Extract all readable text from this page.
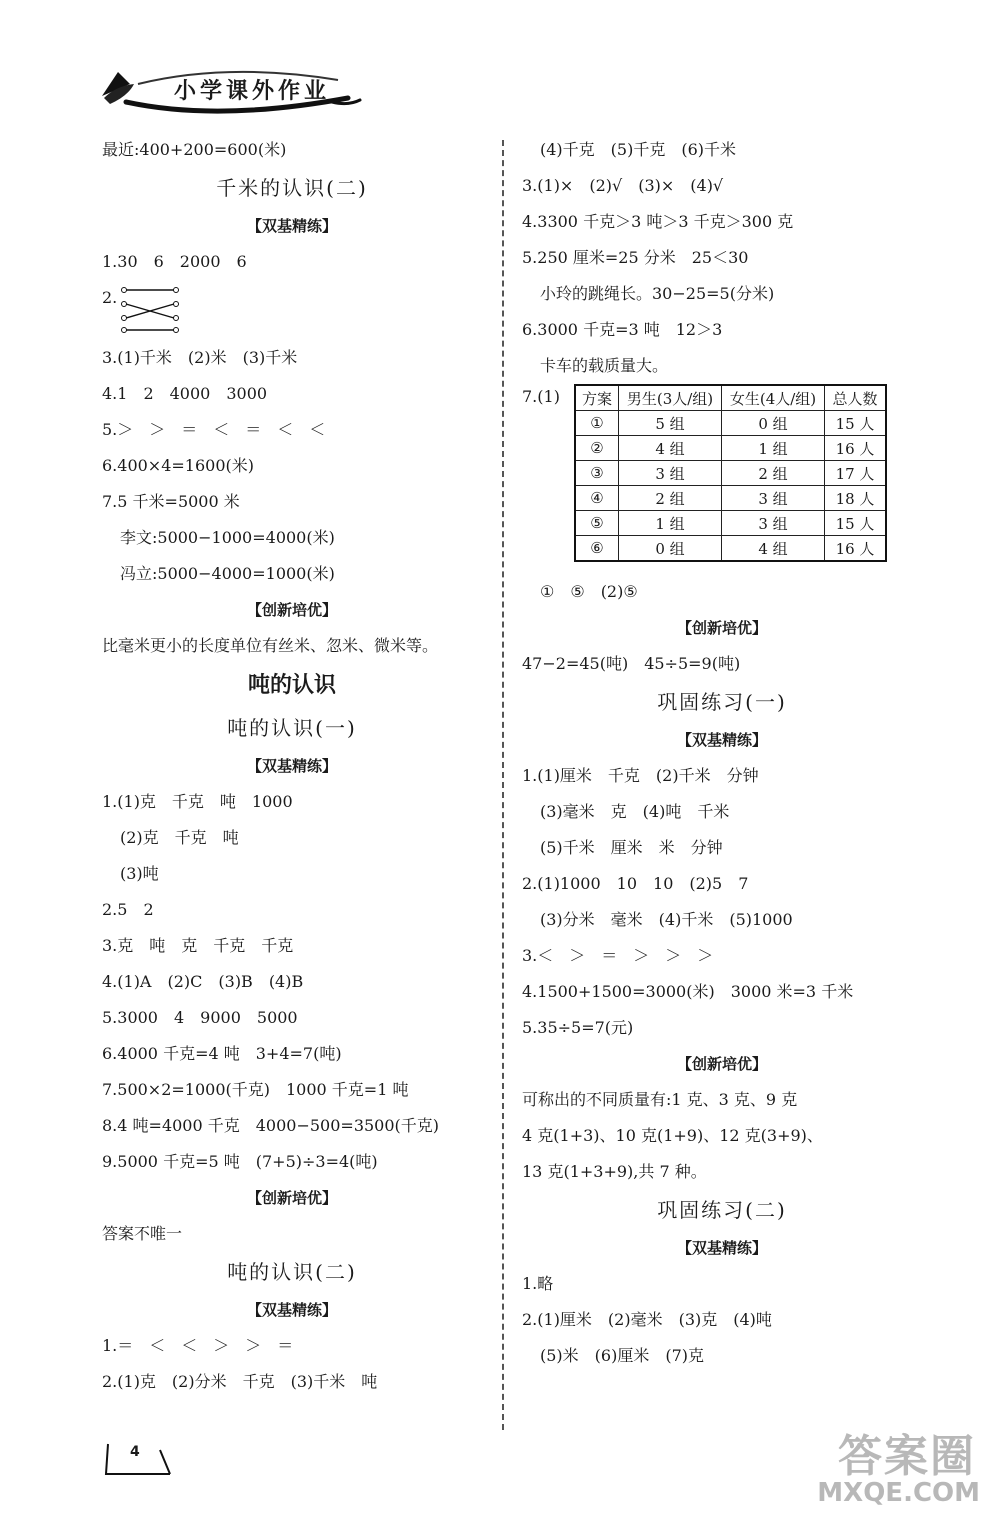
小学课外作业
最近:400+200=600(米)
千米的认识(二)
【双基精练】
1.30　6　2000　6
2.
3.(1)千米　(2)米　(3)千米
4.1　2　4000　3000
5.＞　＞　＝　＜　＝　＜　＜
6.400×4=1600(米)
7.5 千米=5000 米
李文:5000−1000=4000(米)
冯立:5000−4000=1000(米)
【创新培优】
比毫米更小的长度单位有丝米、忽米、微米等。
吨的认识
吨的认识(一)
【双基精练】
1.(1)克　千克　吨　1000
(2)克　千克　吨
(3)吨
2.5　2
3.克　吨　克　千克　千克
4.(1)A　(2)C　(3)B　(4)B
5.3000　4　9000　5000
6.4000 千克=4 吨　3+4=7(吨)
7.500×2=1000(千克)　1000 千克=1 吨
8.4 吨=4000 千克　4000−500=3500(千克)
9.5000 千克=5 吨　(7+5)÷3=4(吨)
【创新培优】
答案不唯一
吨的认识(二)
【双基精练】
1.＝　＜　＜　＞　＞　＝
2.(1)克　(2)分米　千克　(3)千米　吨
(4)千克　(5)千克　(6)千米
3.(1)×　(2)√　(3)×　(4)√
4.3300 千克＞3 吨＞3 千克＞300 克
5.250 厘米=25 分米　25＜30
小玲的跳绳长。30−25=5(分米)
6.3000 千克=3 吨　12＞3
卡车的载质量大。
7.(1) 方案	男生(3人/组)	女生(4人/组)	总人数
①	5 组	0 组	15 人
②	4 组	1 组	16 人
③	3 组	2 组	17 人
④	2 组	3 组	18 人
⑤	1 组	3 组	15 人
⑥	0 组	4 组	16 人
①　⑤　(2)⑤
【创新培优】
47−2=45(吨)　45÷5=9(吨)
巩固练习(一)
【双基精练】
1.(1)厘米　千克　(2)千米　分钟
(3)毫米　克　(4)吨　千米
(5)千米　厘米　米　分钟
2.(1)1000　10　10　(2)5　7
(3)分米　毫米　(4)千米　(5)1000
3.＜　＞　＝　＞　＞　＞
4.1500+1500=3000(米)　3000 米=3 千米
5.35÷5=7(元)
【创新培优】
可称出的不同质量有:1 克、3 克、9 克
4 克(1+3)、10 克(1+9)、12 克(3+9)、
13 克(1+3+9),共 7 种。
巩固练习(二)
【双基精练】
1.略
2.(1)厘米　(2)毫米　(3)克　(4)吨
(5)米　(6)厘米　(7)克
4	答案圈
MXQE.COM
